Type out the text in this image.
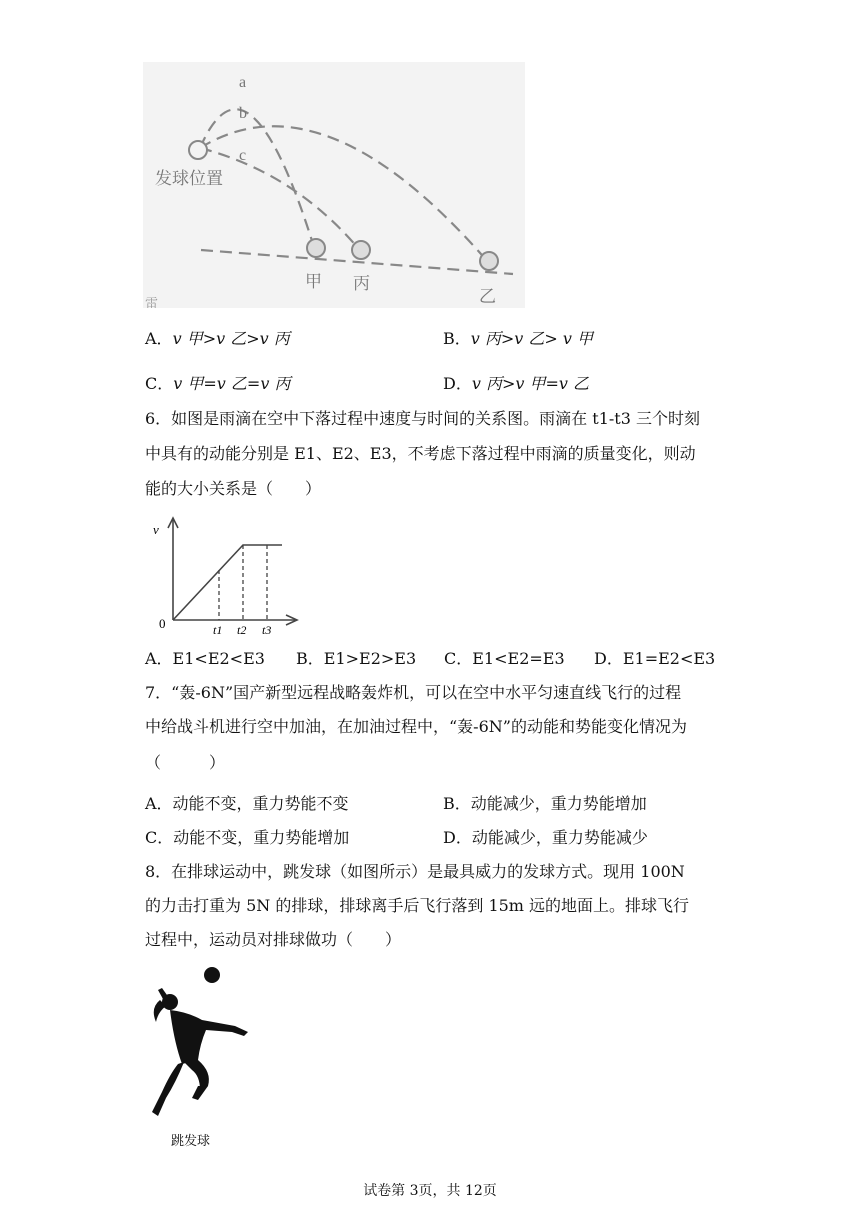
a
b
c
发球位置
甲 丙
乙
雷
A．v 甲>v 乙>v 丙	B．v 丙>v 乙> v 甲
C．v 甲=v 乙=v 丙	D．v 丙>v 甲=v 乙
6．如图是雨滴在空中下落过程中速度与时间的关系图。雨滴在 t1-t3 三个时刻
中具有的动能分别是 E1、E2、E3，不考虑下落过程中雨滴的质量变化，则动
能的大小关系是（　　）
v
0	t1 t2 t3
A．E1<E2<E3 B．E1>E2>E3 C．E1<E2=E3 D．E1=E2<E3
7．“轰-6N”国产新型远程战略轰炸机，可以在空中水平匀速直线飞行的过程
中给战斗机进行空中加油，在加油过程中，“轰-6N”的动能和势能变化情况为
（　　　）
A．动能不变，重力势能不变	B．动能减少，重力势能增加
C．动能不变，重力势能增加	D．动能减少，重力势能减少
8．在排球运动中，跳发球（如图所示）是最具威力的发球方式。现用 100N
的力击打重为 5N 的排球，排球离手后飞行落到 15m 远的地面上。排球飞行
过程中，运动员对排球做功（　　）
跳发球
试卷第 3页，共 12页
